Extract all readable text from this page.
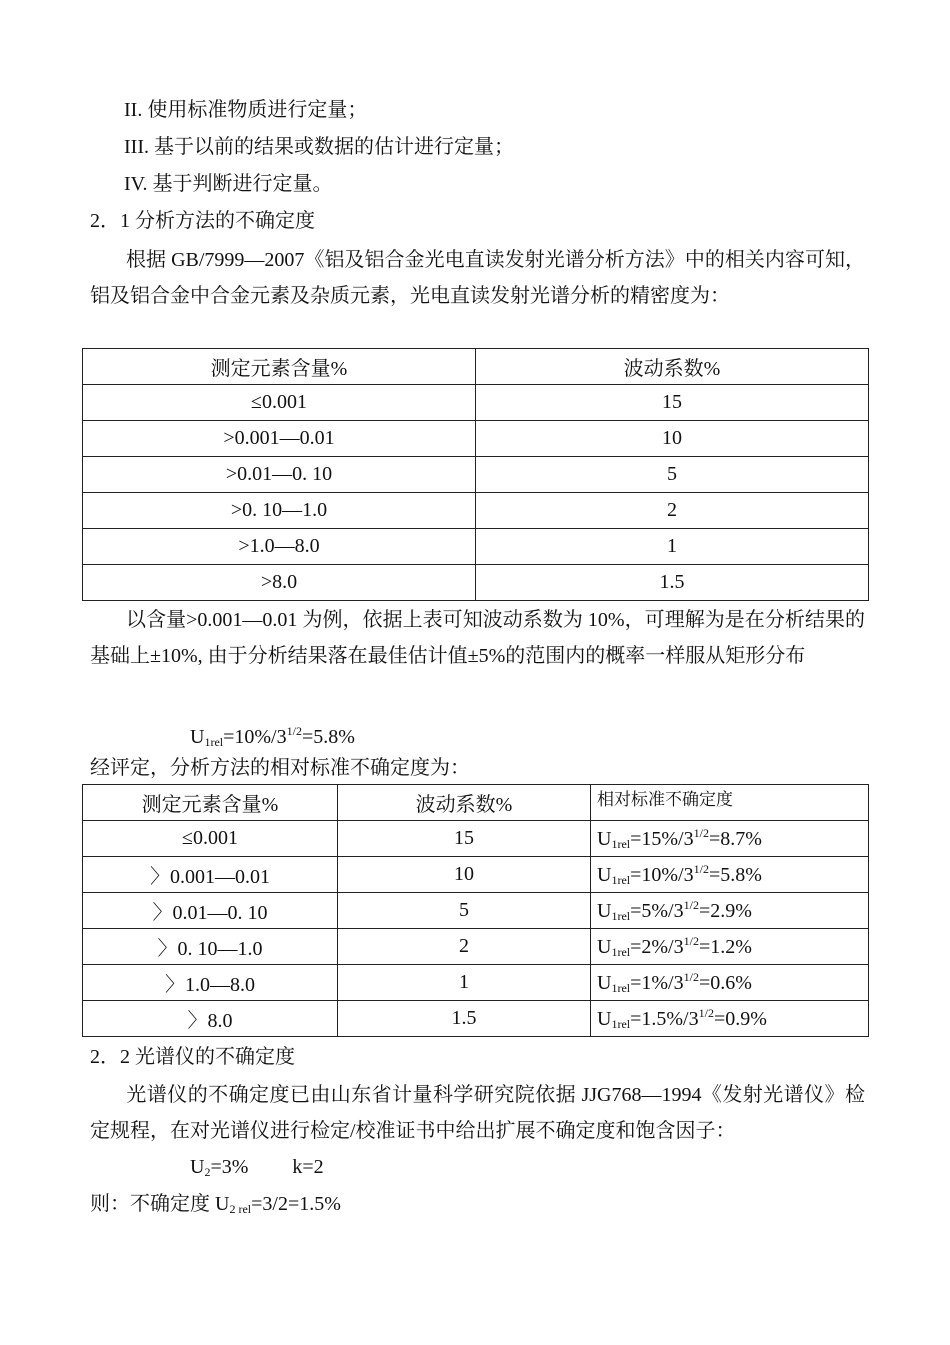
II. 使用标准物质进行定量；
III. 基于以前的结果或数据的估计进行定量；
IV. 基于判断进行定量。
2．1 分析方法的不确定度
根据 GB/7999—2007《铝及铝合金光电直读发射光谱分析方法》中的相关内容可知，铝及铝合金中合金元素及杂质元素，光电直读发射光谱分析的精密度为：
测定元素含量%	波动系数%
≤0.001	15
>0.001—0.01	10
>0.01—0. 10	5
>0. 10—1.0	2
>1.0—8.0	1
>8.0	1.5
以含量>0.001—0.01 为例，依据上表可知波动系数为 10%，可理解为是在分析结果的基础上±10%, 由于分析结果落在最佳估计值±5%的范围内的概率一样服从矩形分布
$U_{1rel}=10\%/3^{1/2}=5.8\%$
经评定，分析方法的相对标准不确定度为：
测定元素含量%	波动系数%	相对标准不确定度
≤0.001	15	$U_{1rel}=15\%/3^{1/2}=8.7\%$
〉0.001—0.01	10	$U_{1rel}=10\%/3^{1/2}=5.8\%$
〉0.01—0. 10	5	$U_{1rel}=5\%/3^{1/2}=2.9\%$
〉0. 10—1.0	2	$U_{1rel}=2\%/3^{1/2}=1.2\%$
〉1.0—8.0	1	$U_{1rel}=1\%/3^{1/2}=0.6\%$
〉8.0	1.5	$U_{1rel}=1.5\%/3^{1/2}=0.9\%$
2．2 光谱仪的不确定度
光谱仪的不确定度已由山东省计量科学研究院依据 JJG768—1994《发射光谱仪》检定规程，在对光谱仪进行检定/校准证书中给出扩展不确定度和饱含因子：
$U_2=3\%$ k=2
则：不确定度 $U_{2 rel}=3/2=1.5\%$
